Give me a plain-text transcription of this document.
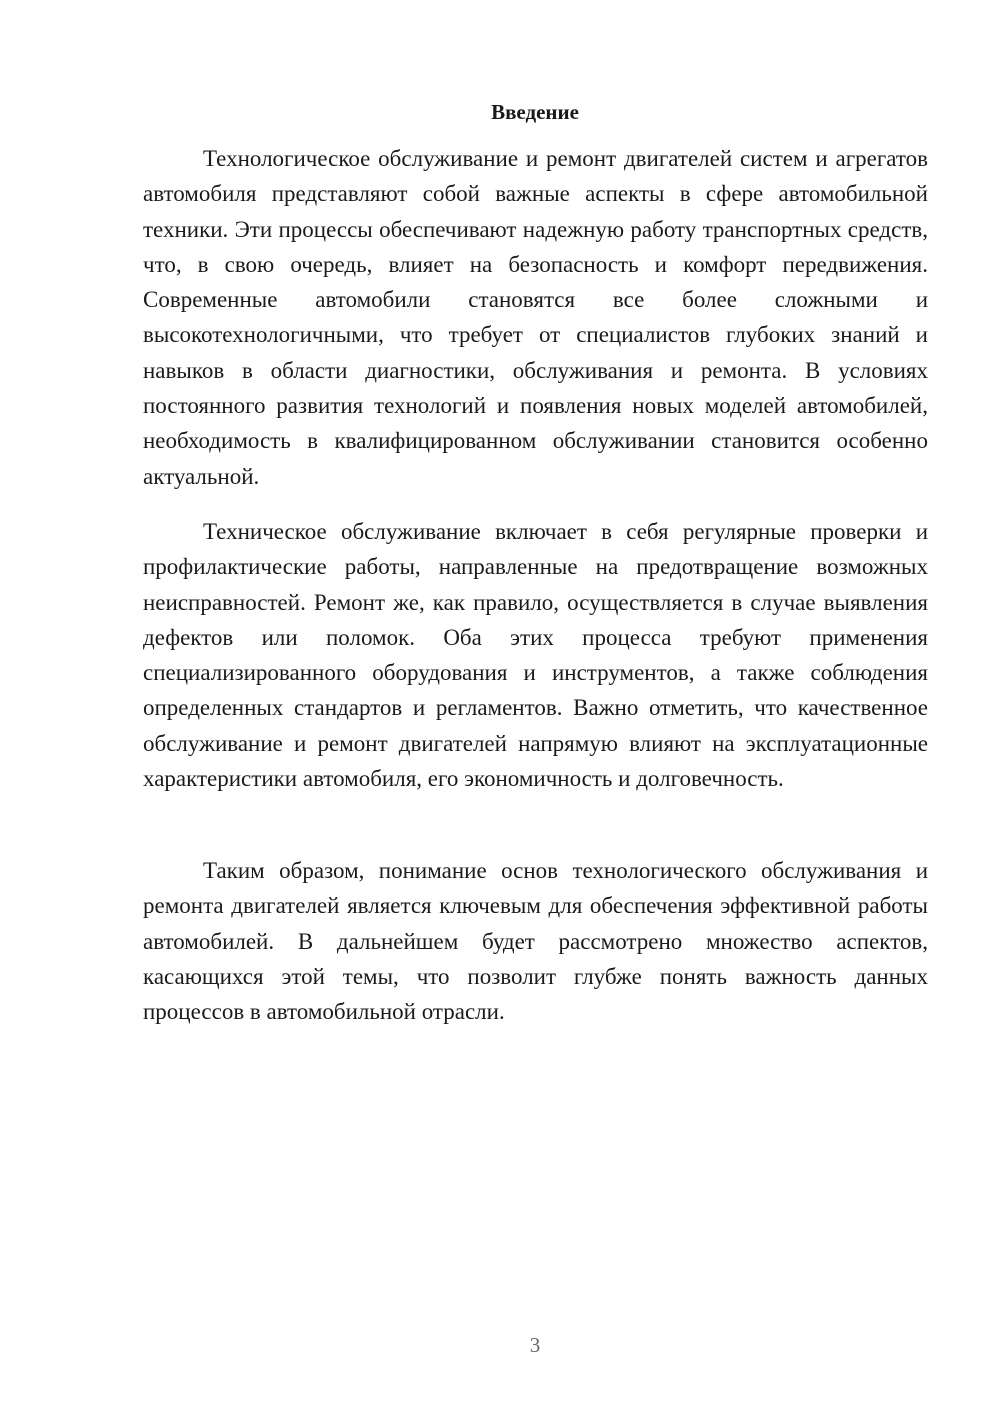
Введение

Технологическое обслуживание и ремонт двигателей систем и агрегатов автомобиля представляют собой важные аспекты в сфере автомобильной техники. Эти процессы обеспечивают надежную работу транспортных средств, что, в свою очередь, влияет на безопасность и комфорт передвижения. Современные автомобили становятся все более сложными и высокотехнологичными, что требует от специалистов глубоких знаний и навыков в области диагностики, обслуживания и ремонта. В условиях постоянного развития технологий и появления новых моделей автомобилей, необходимость в квалифицированном обслуживании становится особенно актуальной.

Техническое обслуживание включает в себя регулярные проверки и профилактические работы, направленные на предотвращение возможных неисправностей. Ремонт же, как правило, осуществляется в случае выявления дефектов или поломок. Оба этих процесса требуют применения специализированного оборудования и инструментов, а также соблюдения определенных стандартов и регламентов. Важно отметить, что качественное обслуживание и ремонт двигателей напрямую влияют на эксплуатационные характеристики автомобиля, его экономичность и долговечность.

Таким образом, понимание основ технологического обслуживания и ремонта двигателей является ключевым для обеспечения эффективной работы автомобилей. В дальнейшем будет рассмотрено множество аспектов, касающихся этой темы, что позволит глубже понять важность данных процессов в автомобильной отрасли.

3
